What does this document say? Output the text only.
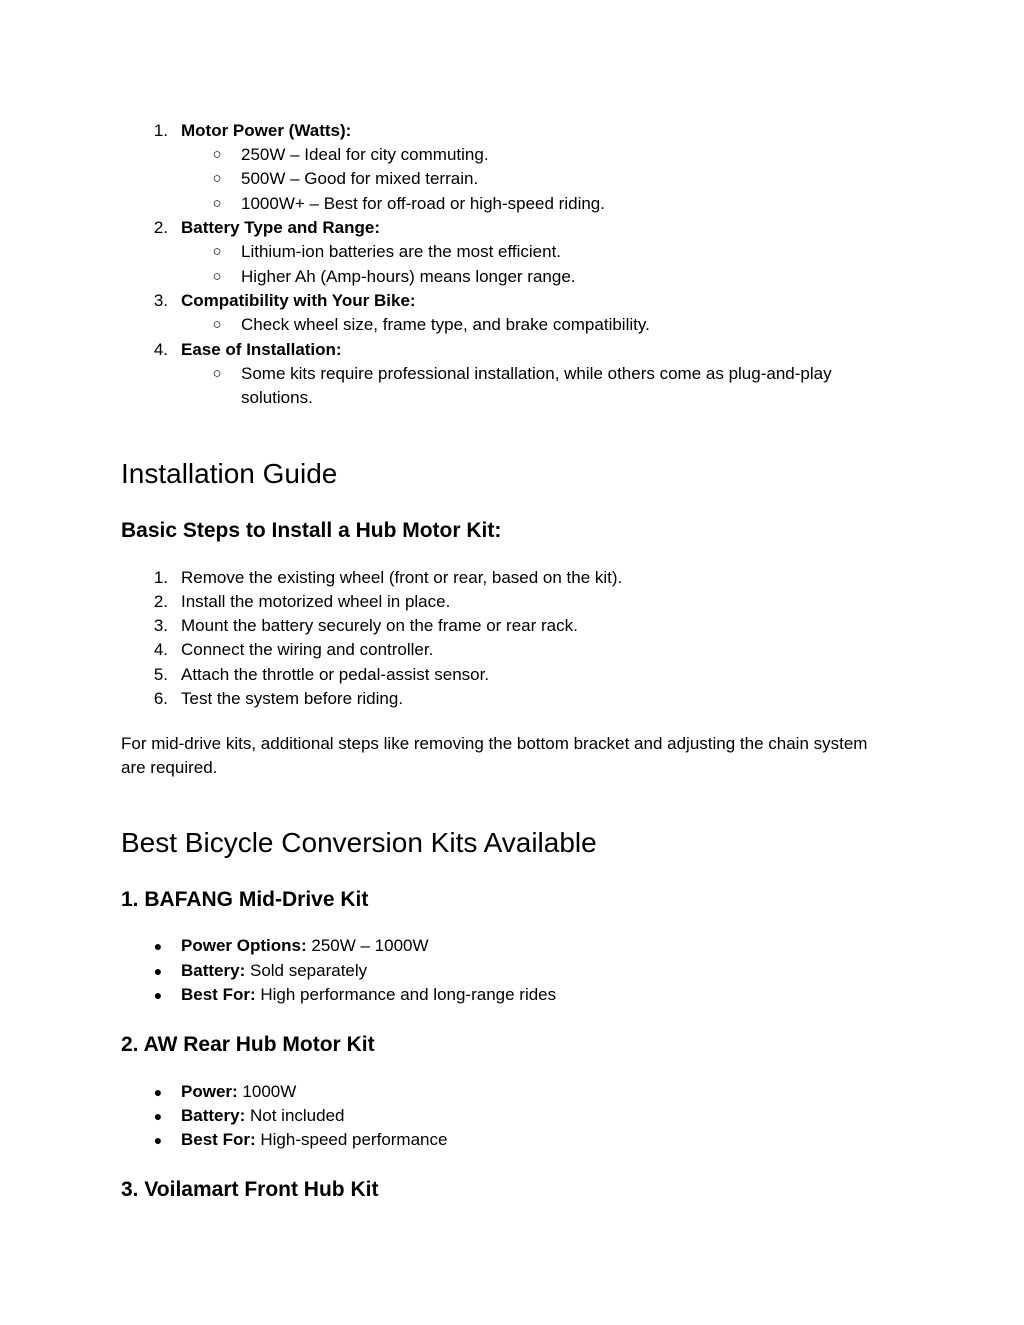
1. Motor Power (Watts):
○ 250W – Ideal for city commuting.
○ 500W – Good for mixed terrain.
○ 1000W+ – Best for off-road or high-speed riding.
2. Battery Type and Range:
○ Lithium-ion batteries are the most efficient.
○ Higher Ah (Amp-hours) means longer range.
3. Compatibility with Your Bike:
○ Check wheel size, frame type, and brake compatibility.
4. Ease of Installation:
○ Some kits require professional installation, while others come as plug-and-play solutions.
Installation Guide
Basic Steps to Install a Hub Motor Kit:
1. Remove the existing wheel (front or rear, based on the kit).
2. Install the motorized wheel in place.
3. Mount the battery securely on the frame or rear rack.
4. Connect the wiring and controller.
5. Attach the throttle or pedal-assist sensor.
6. Test the system before riding.
For mid-drive kits, additional steps like removing the bottom bracket and adjusting the chain system are required.
Best Bicycle Conversion Kits Available
1. BAFANG Mid-Drive Kit
● Power Options: 250W – 1000W
● Battery: Sold separately
● Best For: High performance and long-range rides
2. AW Rear Hub Motor Kit
● Power: 1000W
● Battery: Not included
● Best For: High-speed performance
3. Voilamart Front Hub Kit
